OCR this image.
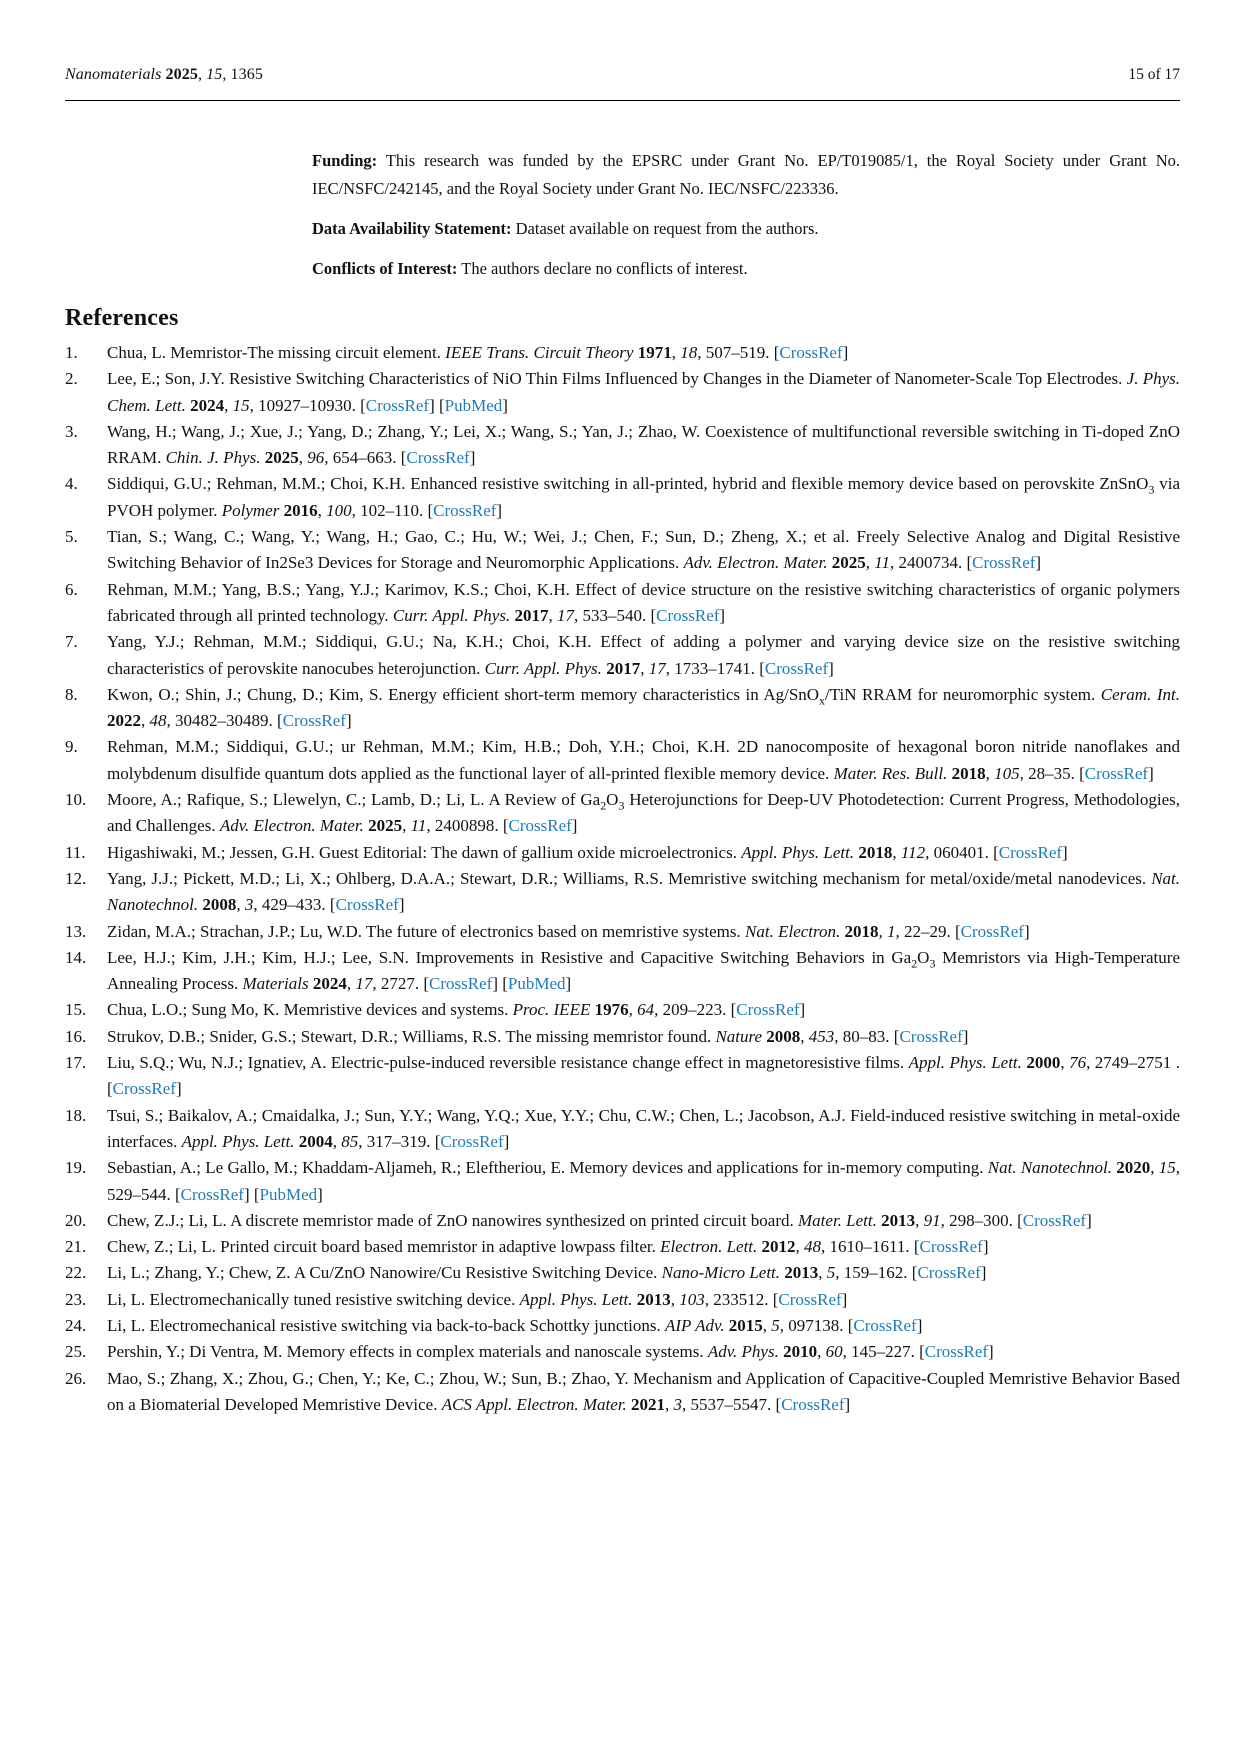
Nanomaterials 2025, 15, 1365	15 of 17

Funding: This research was funded by the EPSRC under Grant No. EP/T019085/1, the Royal Society under Grant No. IEC/NSFC/242145, and the Royal Society under Grant No. IEC/NSFC/223336.

Data Availability Statement: Dataset available on request from the authors.

Conflicts of Interest: The authors declare no conflicts of interest.

References
1.	Chua, L. Memristor-The missing circuit element. IEEE Trans. Circuit Theory 1971, 18, 507–519. [CrossRef]
2.	Lee, E.; Son, J.Y. Resistive Switching Characteristics of NiO Thin Films Influenced by Changes in the Diameter of Nanometer-Scale Top Electrodes. J. Phys. Chem. Lett. 2024, 15, 10927–10930. [CrossRef] [PubMed]
3.	Wang, H.; Wang, J.; Xue, J.; Yang, D.; Zhang, Y.; Lei, X.; Wang, S.; Yan, J.; Zhao, W. Coexistence of multifunctional reversible switching in Ti-doped ZnO RRAM. Chin. J. Phys. 2025, 96, 654–663. [CrossRef]
4.	Siddiqui, G.U.; Rehman, M.M.; Choi, K.H. Enhanced resistive switching in all-printed, hybrid and flexible memory device based on perovskite ZnSnO$_3$ via PVOH polymer. Polymer 2016, 100, 102–110. [CrossRef]
5.	Tian, S.; Wang, C.; Wang, Y.; Wang, H.; Gao, C.; Hu, W.; Wei, J.; Chen, F.; Sun, D.; Zheng, X.; et al. Freely Selective Analog and Digital Resistive Switching Behavior of In2Se3 Devices for Storage and Neuromorphic Applications. Adv. Electron. Mater. 2025, 11, 2400734. [CrossRef]
6.	Rehman, M.M.; Yang, B.S.; Yang, Y.J.; Karimov, K.S.; Choi, K.H. Effect of device structure on the resistive switching characteristics of organic polymers fabricated through all printed technology. Curr. Appl. Phys. 2017, 17, 533–540. [CrossRef]
7.	Yang, Y.J.; Rehman, M.M.; Siddiqui, G.U.; Na, K.H.; Choi, K.H. Effect of adding a polymer and varying device size on the resistive switching characteristics of perovskite nanocubes heterojunction. Curr. Appl. Phys. 2017, 17, 1733–1741. [CrossRef]
8.	Kwon, O.; Shin, J.; Chung, D.; Kim, S. Energy efficient short-term memory characteristics in Ag/SnO$_x$/TiN RRAM for neuromorphic system. Ceram. Int. 2022, 48, 30482–30489. [CrossRef]
9.	Rehman, M.M.; Siddiqui, G.U.; ur Rehman, M.M.; Kim, H.B.; Doh, Y.H.; Choi, K.H. 2D nanocomposite of hexagonal boron nitride nanoflakes and molybdenum disulfide quantum dots applied as the functional layer of all-printed flexible memory device. Mater. Res. Bull. 2018, 105, 28–35. [CrossRef]
10.	Moore, A.; Rafique, S.; Llewelyn, C.; Lamb, D.; Li, L. A Review of $Ga_2O_3$ Heterojunctions for Deep-UV Photodetection: Current Progress, Methodologies, and Challenges. Adv. Electron. Mater. 2025, 11, 2400898. [CrossRef]
11.	Higashiwaki, M.; Jessen, G.H. Guest Editorial: The dawn of gallium oxide microelectronics. Appl. Phys. Lett. 2018, 112, 060401. [CrossRef]
12.	Yang, J.J.; Pickett, M.D.; Li, X.; Ohlberg, D.A.A.; Stewart, D.R.; Williams, R.S. Memristive switching mechanism for metal/oxide/metal nanodevices. Nat. Nanotechnol. 2008, 3, 429–433. [CrossRef]
13.	Zidan, M.A.; Strachan, J.P.; Lu, W.D. The future of electronics based on memristive systems. Nat. Electron. 2018, 1, 22–29. [CrossRef]
14.	Lee, H.J.; Kim, J.H.; Kim, H.J.; Lee, S.N. Improvements in Resistive and Capacitive Switching Behaviors in $Ga_2O_3$ Memristors via High-Temperature Annealing Process. Materials 2024, 17, 2727. [CrossRef] [PubMed]
15.	Chua, L.O.; Sung Mo, K. Memristive devices and systems. Proc. IEEE 1976, 64, 209–223. [CrossRef]
16.	Strukov, D.B.; Snider, G.S.; Stewart, D.R.; Williams, R.S. The missing memristor found. Nature 2008, 453, 80–83. [CrossRef]
17.	Liu, S.Q.; Wu, N.J.; Ignatiev, A. Electric-pulse-induced reversible resistance change effect in magnetoresistive films. Appl. Phys. Lett. 2000, 76, 2749–2751 . [CrossRef]
18.	Tsui, S.; Baikalov, A.; Cmaidalka, J.; Sun, Y.Y.; Wang, Y.Q.; Xue, Y.Y.; Chu, C.W.; Chen, L.; Jacobson, A.J. Field-induced resistive switching in metal-oxide interfaces. Appl. Phys. Lett. 2004, 85, 317–319. [CrossRef]
19.	Sebastian, A.; Le Gallo, M.; Khaddam-Aljameh, R.; Eleftheriou, E. Memory devices and applications for in-memory computing. Nat. Nanotechnol. 2020, 15, 529–544. [CrossRef] [PubMed]
20.	Chew, Z.J.; Li, L. A discrete memristor made of ZnO nanowires synthesized on printed circuit board. Mater. Lett. 2013, 91, 298–300. [CrossRef]
21.	Chew, Z.; Li, L. Printed circuit board based memristor in adaptive lowpass filter. Electron. Lett. 2012, 48, 1610–1611. [CrossRef]
22.	Li, L.; Zhang, Y.; Chew, Z. A Cu/ZnO Nanowire/Cu Resistive Switching Device. Nano-Micro Lett. 2013, 5, 159–162. [CrossRef]
23.	Li, L. Electromechanically tuned resistive switching device. Appl. Phys. Lett. 2013, 103, 233512. [CrossRef]
24.	Li, L. Electromechanical resistive switching via back-to-back Schottky junctions. AIP Adv. 2015, 5, 097138. [CrossRef]
25.	Pershin, Y.; Di Ventra, M. Memory effects in complex materials and nanoscale systems. Adv. Phys. 2010, 60, 145–227. [CrossRef]
26.	Mao, S.; Zhang, X.; Zhou, G.; Chen, Y.; Ke, C.; Zhou, W.; Sun, B.; Zhao, Y. Mechanism and Application of Capacitive-Coupled Memristive Behavior Based on a Biomaterial Developed Memristive Device. ACS Appl. Electron. Mater. 2021, 3, 5537–5547. [CrossRef]
